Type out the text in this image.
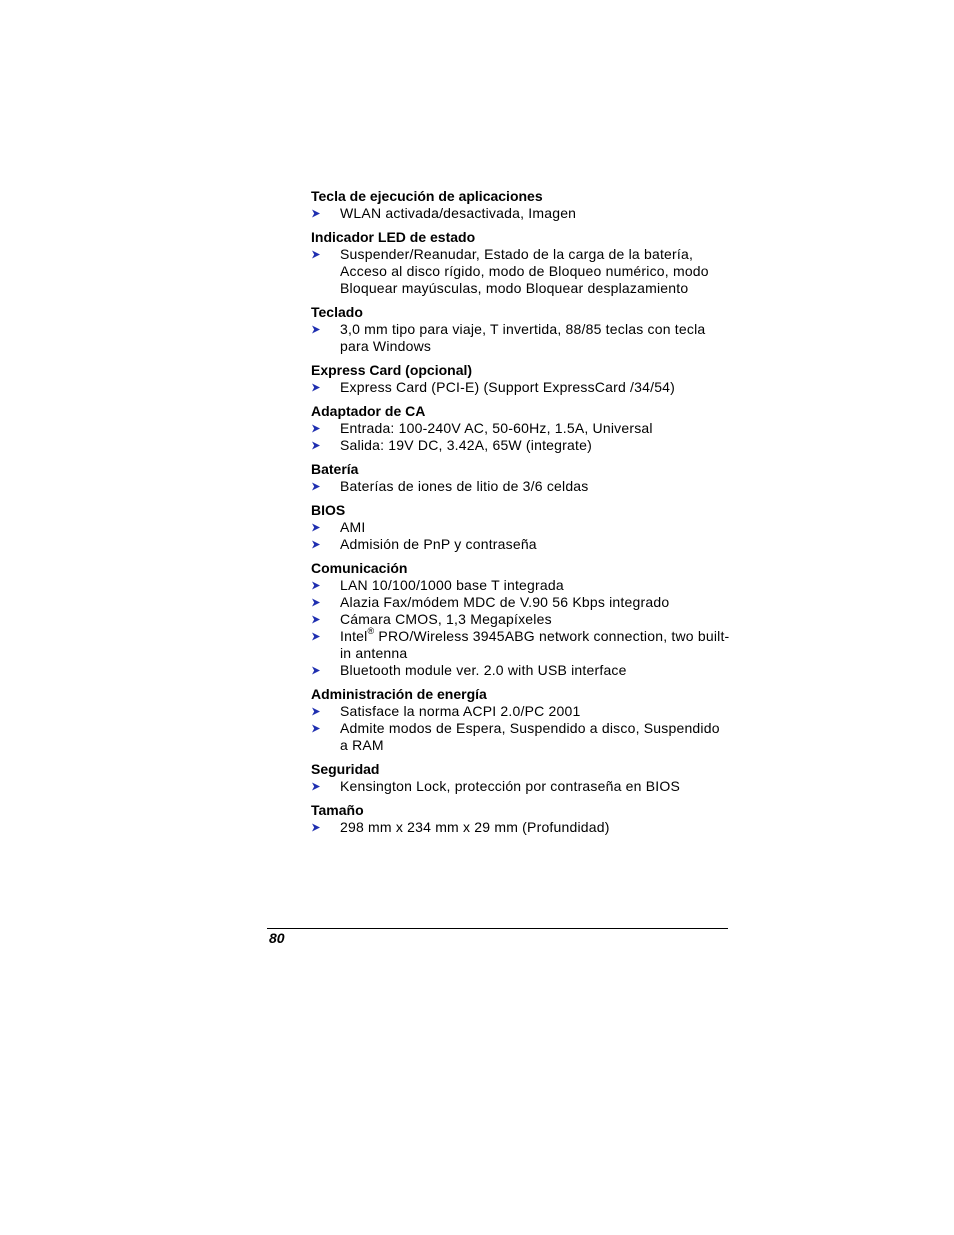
Tecla de ejecución de aplicaciones
WLAN activada/desactivada, Imagen
Indicador LED de estado
Suspender/Reanudar, Estado de la carga de la batería, Acceso al disco rígido, modo de Bloqueo numérico, modo Bloquear mayúsculas, modo Bloquear desplazamiento
Teclado
3,0 mm tipo para viaje, T invertida, 88/85 teclas con tecla para Windows
Express Card (opcional)
Express Card (PCI-E) (Support ExpressCard /34/54)
Adaptador de CA
Entrada: 100-240V AC, 50-60Hz, 1.5A, Universal
Salida: 19V DC, 3.42A, 65W (integrate)
Batería
Baterías de iones de litio de 3/6 celdas
BIOS
AMI
Admisión de PnP y contraseña
Comunicación
LAN 10/100/1000 base T integrada
Alazia Fax/módem MDC de V.90 56 Kbps integrado
Cámara CMOS, 1,3 Megapíxeles
Intel® PRO/Wireless 3945ABG network connection, two built-in antenna
Bluetooth module ver. 2.0 with USB interface
Administración de energía
Satisface la norma ACPI 2.0/PC 2001
Admite modos de Espera, Suspendido a disco, Suspendido a RAM
Seguridad
Kensington Lock, protección por contraseña en BIOS
Tamaño
298 mm x 234 mm x 29 mm (Profundidad)
80
